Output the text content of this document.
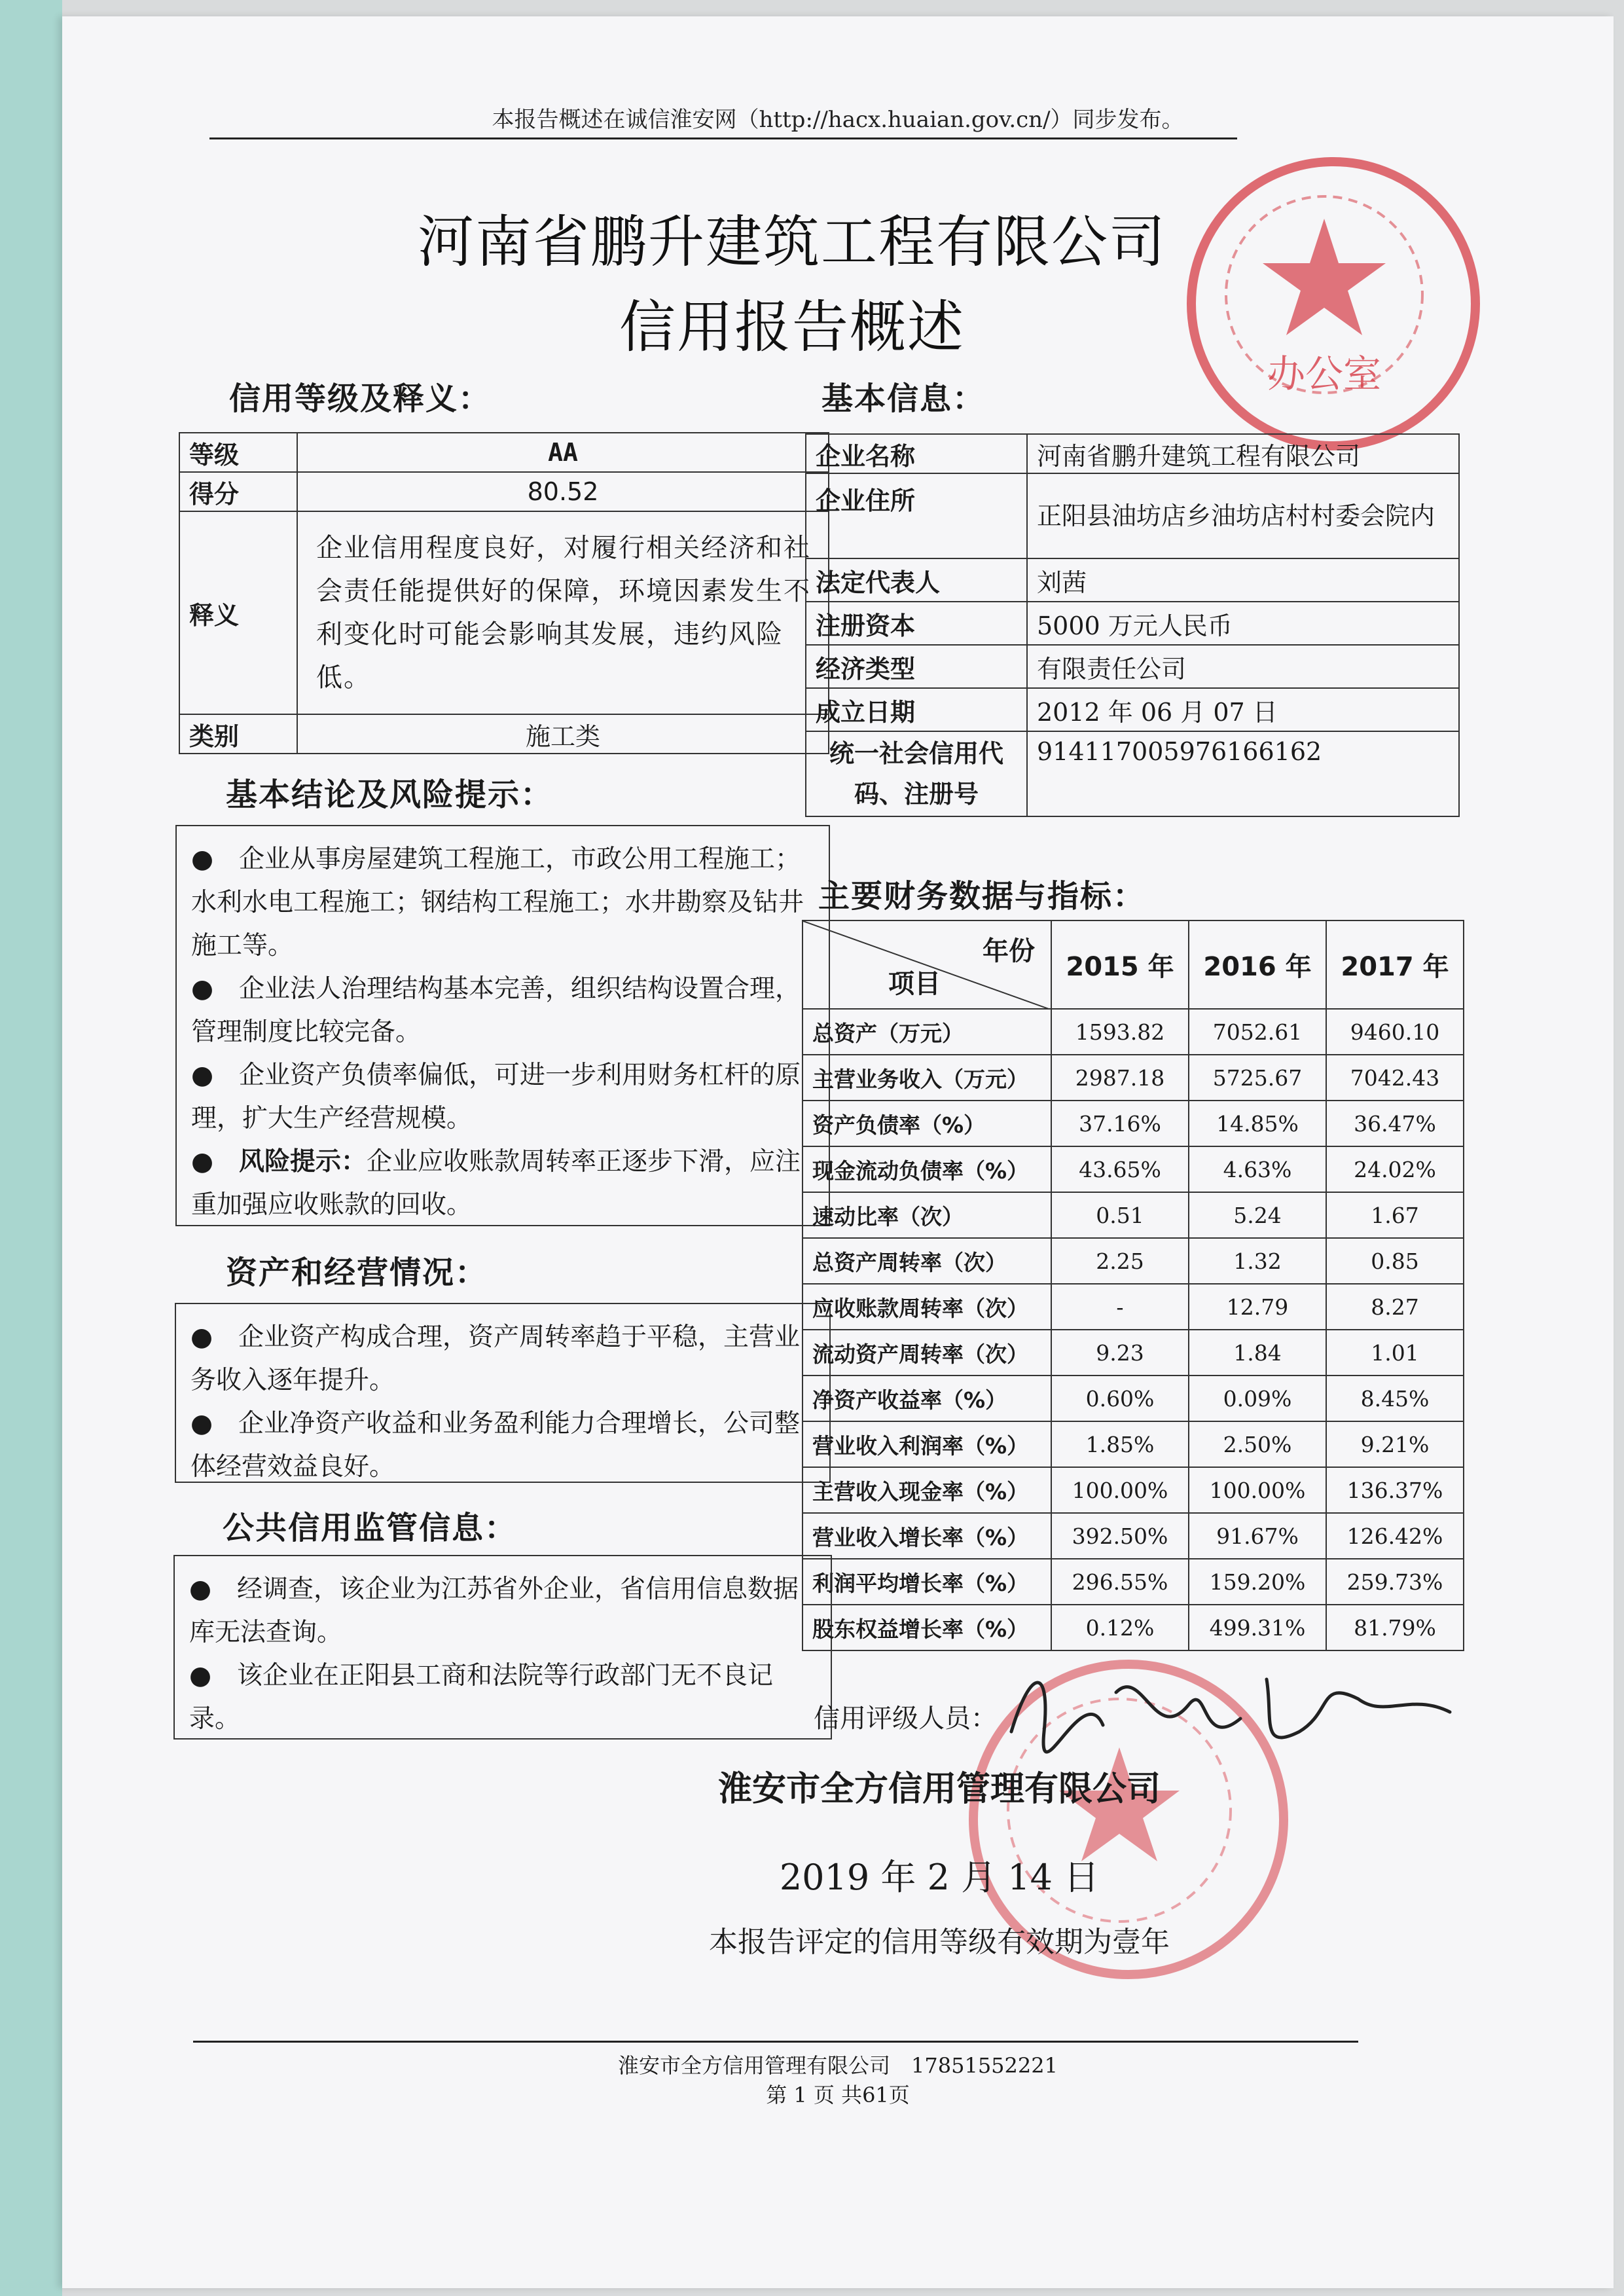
本报告概述在诚信淮安网（http://hacx.huaian.gov.cn/）同步发布。
河南省鹏升建筑工程有限公司
信用报告概述
办公室
信用等级及释义：
等级	AA
得分	80.52
释义	企业信用程度良好，对履行相关经济和社会责任能提供好的保障，环境因素发生不利变化时可能会影响其发展，违约风险低。
类别	施工类
基本结论及风险提示：

●　企业从事房屋建筑工程施工，市政公用工程施工；水利水电工程施工；钢结构工程施工；水井勘察及钻井施工等。

●　企业法人治理结构基本完善，组织结构设置合理，管理制度比较完备。

●　企业资产负债率偏低，可进一步利用财务杠杆的原理，扩大生产经营规模。

●　风险提示：企业应收账款周转率正逐步下滑，应注重加强应收账款的回收。

资产和经营情况：

●　企业资产构成合理，资产周转率趋于平稳，主营业务收入逐年提升。

●　企业净资产收益和业务盈利能力合理增长，公司整体经营效益良好。

公共信用监管信息：

●　经调查，该企业为江苏省外企业，省信用信息数据库无法查询。

●　该企业在正阳县工商和法院等行政部门无不良记录。

基本信息：
企业名称	河南省鹏升建筑工程有限公司
企业住所	正阳县油坊店乡油坊店村村委会院内
法定代表人	刘茜
注册资本	5000 万元人民币
经济类型	有限责任公司
成立日期	2012 年 06 月 07 日
统一社会信用代码、注册号	914117005976166162
主要财务数据与指标：
年份
项目	2015 年	2016 年	2017 年
总资产（万元）	1593.82	7052.61	9460.10
主营业务收入（万元）	2987.18	5725.67	7042.43
资产负债率（%）	37.16%	14.85%	36.47%
现金流动负债率（%）	43.65%	4.63%	24.02%
速动比率（次）	0.51	5.24	1.67
总资产周转率（次）	2.25	1.32	0.85
应收账款周转率（次）	-	12.79	8.27
流动资产周转率（次）	9.23	1.84	1.01
净资产收益率（%）	0.60%	0.09%	8.45%
营业收入利润率（%）	1.85%	2.50%	9.21%
主营收入现金率（%）	100.00%	100.00%	136.37%
营业收入增长率（%）	392.50%	91.67%	126.42%
利润平均增长率（%）	296.55%	159.20%	259.73%
股东权益增长率（%）	0.12%	499.31%	81.79%
信用评级人员：
淮安市全方信用管理有限公司
2019 年 2 月 14 日
本报告评定的信用等级有效期为壹年
淮安市全方信用管理有限公司　17851552221
第 1 页 共61页
